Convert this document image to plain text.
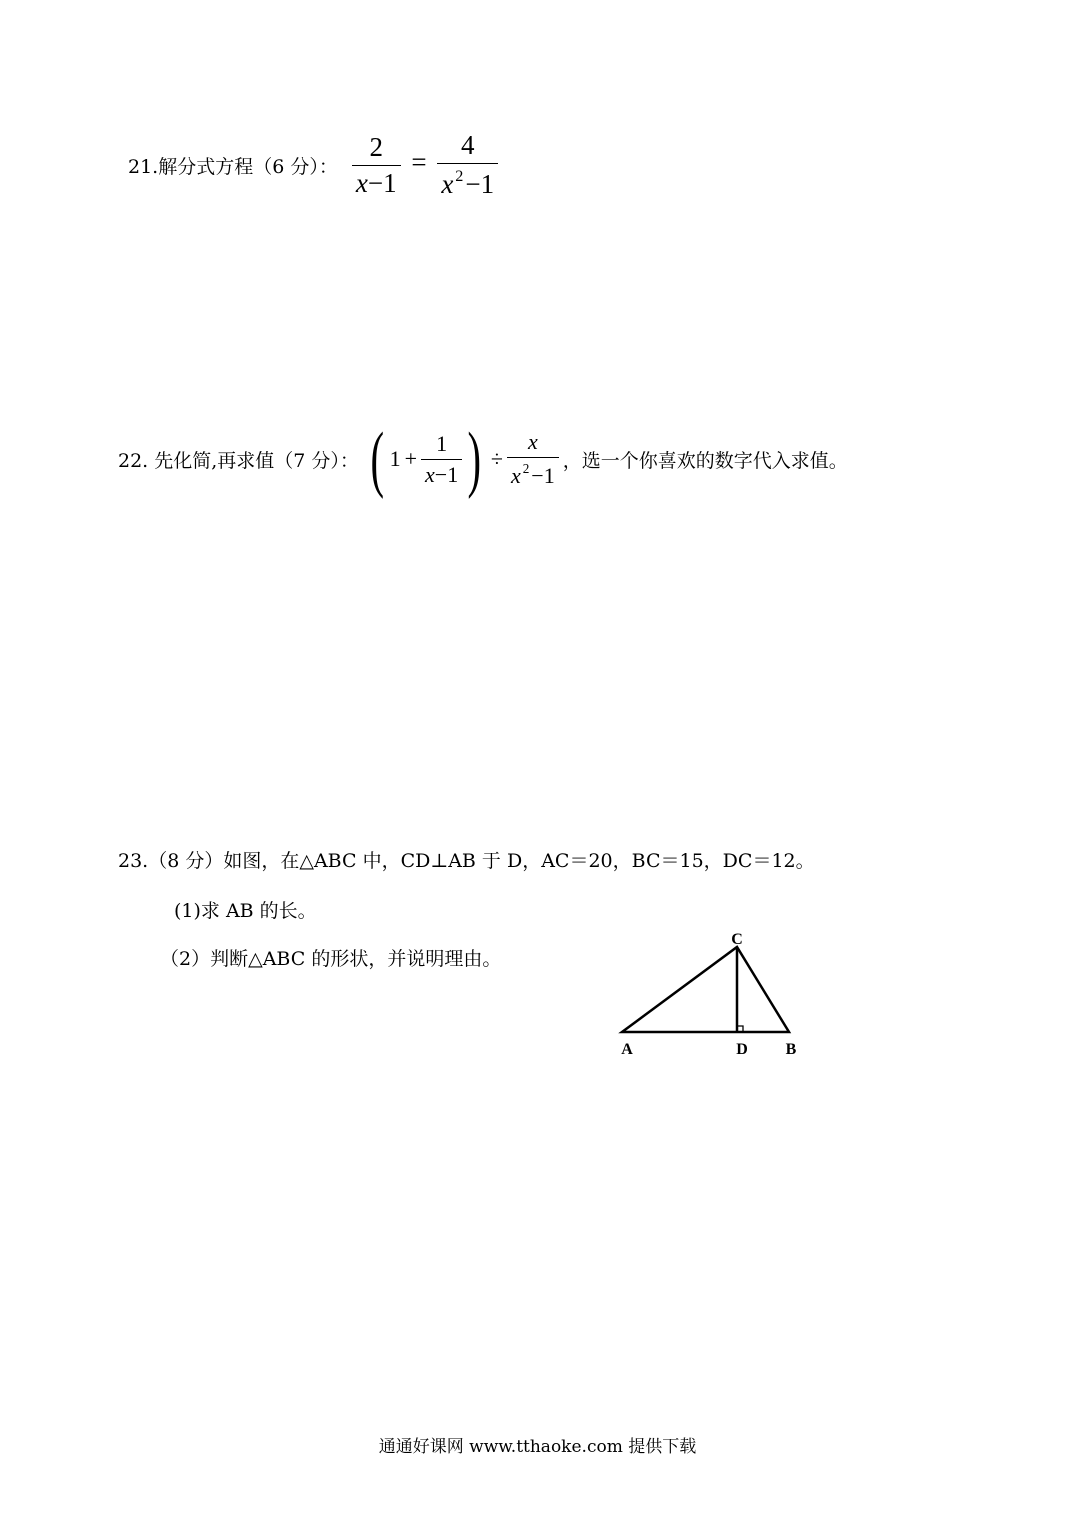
21.解分式方程（6 分）： $\frac{2}{x-1} = \frac{4}{x ^2-1}$
22. 先化简,再求值（7 分）： ( $1 + \frac{1}{x-1}$ ) ÷ $\frac{x}{x ^2-1}$ ，选一个你喜欢的数字代入求值。
23.（8 分）如图，在△ABC 中，CD⊥AB 于 D，AC＝20，BC＝15，DC＝12。
(1)求 AB 的长。
（2）判断△ABC 的形状，并说明理由。
C
A	D B
通通好课网 www.tthaoke.com 提供下载
